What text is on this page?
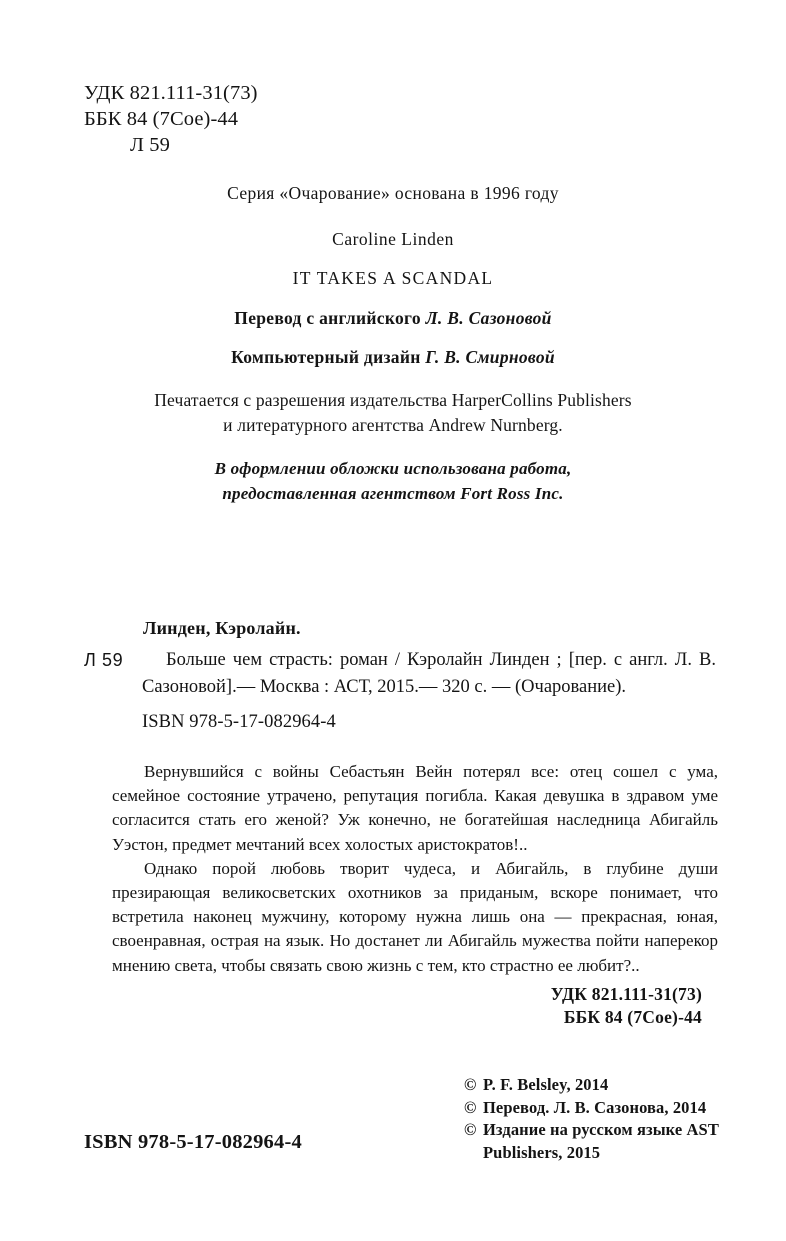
УДК 821.111-31(73)
ББК 84 (7Сое)-44
Л 59
Серия «Очарование» основана в 1996 году
Caroline Linden
IT TAKES A SCANDAL
Перевод с английского Л. В. Сазоновой
Компьютерный дизайн Г. В. Смирновой
Печатается с разрешения издательства HarperCollins Publishers
и литературного агентства Andrew Nurnberg.
В оформлении обложки использована работа,
предоставленная агентством Fort Ross Inc.
Линден, Кэролайн.
Л 59	Больше чем страсть: роман / Кэролайн Линден ; [пер. с англ. Л. В. Сазоновой].— Москва : АСТ, 2015.— 320 с. — (Очарование).
ISBN 978-5-17-082964-4

Вернувшийся с войны Себастьян Вейн потерял все: отец сошел с ума, семейное состояние утрачено, репутация погибла. Какая девушка в здравом уме согласится стать его женой? Уж конечно, не богатейшая наследница Абигайль Уэстон, предмет мечтаний всех холостых аристократов!..

Однако порой любовь творит чудеса, и Абигайль, в глубине души презирающая великосветских охотников за приданым, вскоре понимает, что встретила наконец мужчину, которому нужна лишь она — прекрасная, юная, своенравная, острая на язык. Но достанет ли Абигайль мужества пойти наперекор мнению света, чтобы связать свою жизнь с тем, кто страстно ее любит?..

УДК 821.111-31(73)
ББК 84 (7Сое)-44
© P. F. Belsley, 2014
© Перевод. Л. В. Сазонова, 2014
© Издание на русском языке AST
Publishers, 2015
ISBN 978-5-17-082964-4
